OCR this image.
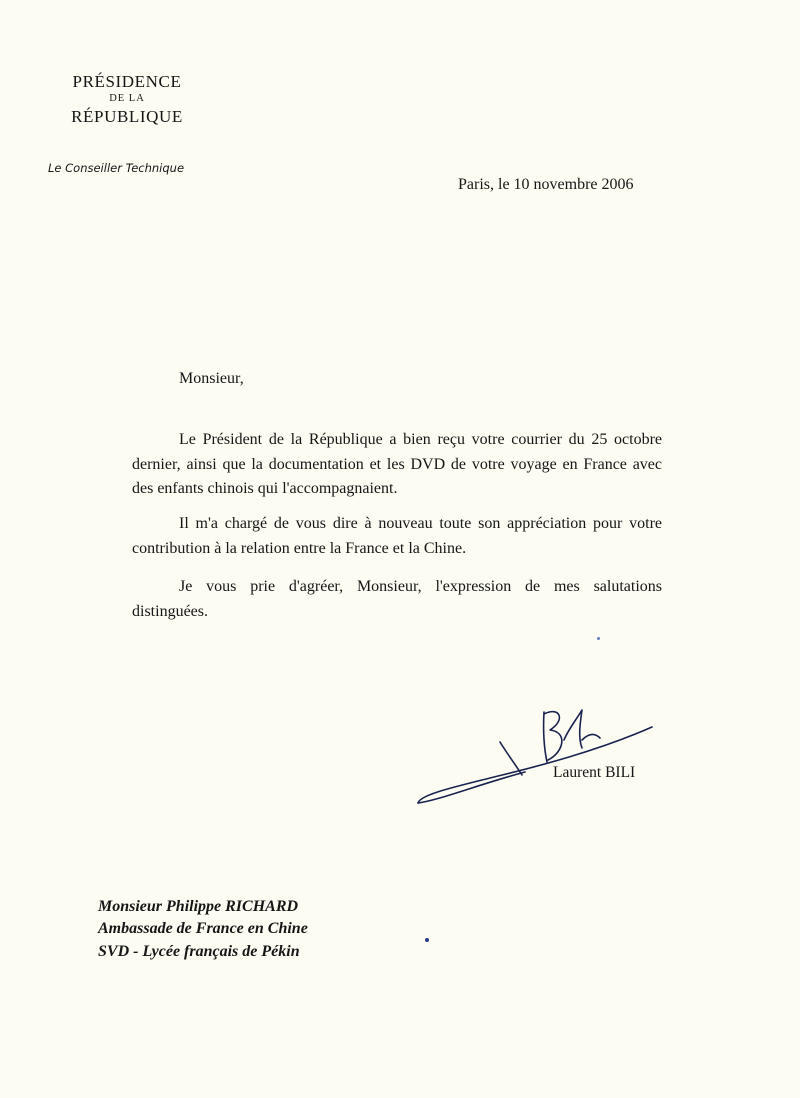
PRÉSIDENCE
DE LA
RÉPUBLIQUE
Le Conseiller Technique
Paris, le 10 novembre 2006
Monsieur,

Le Président de la République a bien reçu votre courrier du 25 octobre dernier, ainsi que la documentation et les DVD de votre voyage en France avec des enfants chinois qui l'accompagnaient.

Il m'a chargé de vous dire à nouveau toute son appréciation pour votre contribution à la relation entre la France et la Chine.

Je vous prie d'agréer, Monsieur, l'expression de mes salutations distinguées.

Laurent BILI
Monsieur Philippe RICHARD
Ambassade de France en Chine
SVD - Lycée français de Pékin
